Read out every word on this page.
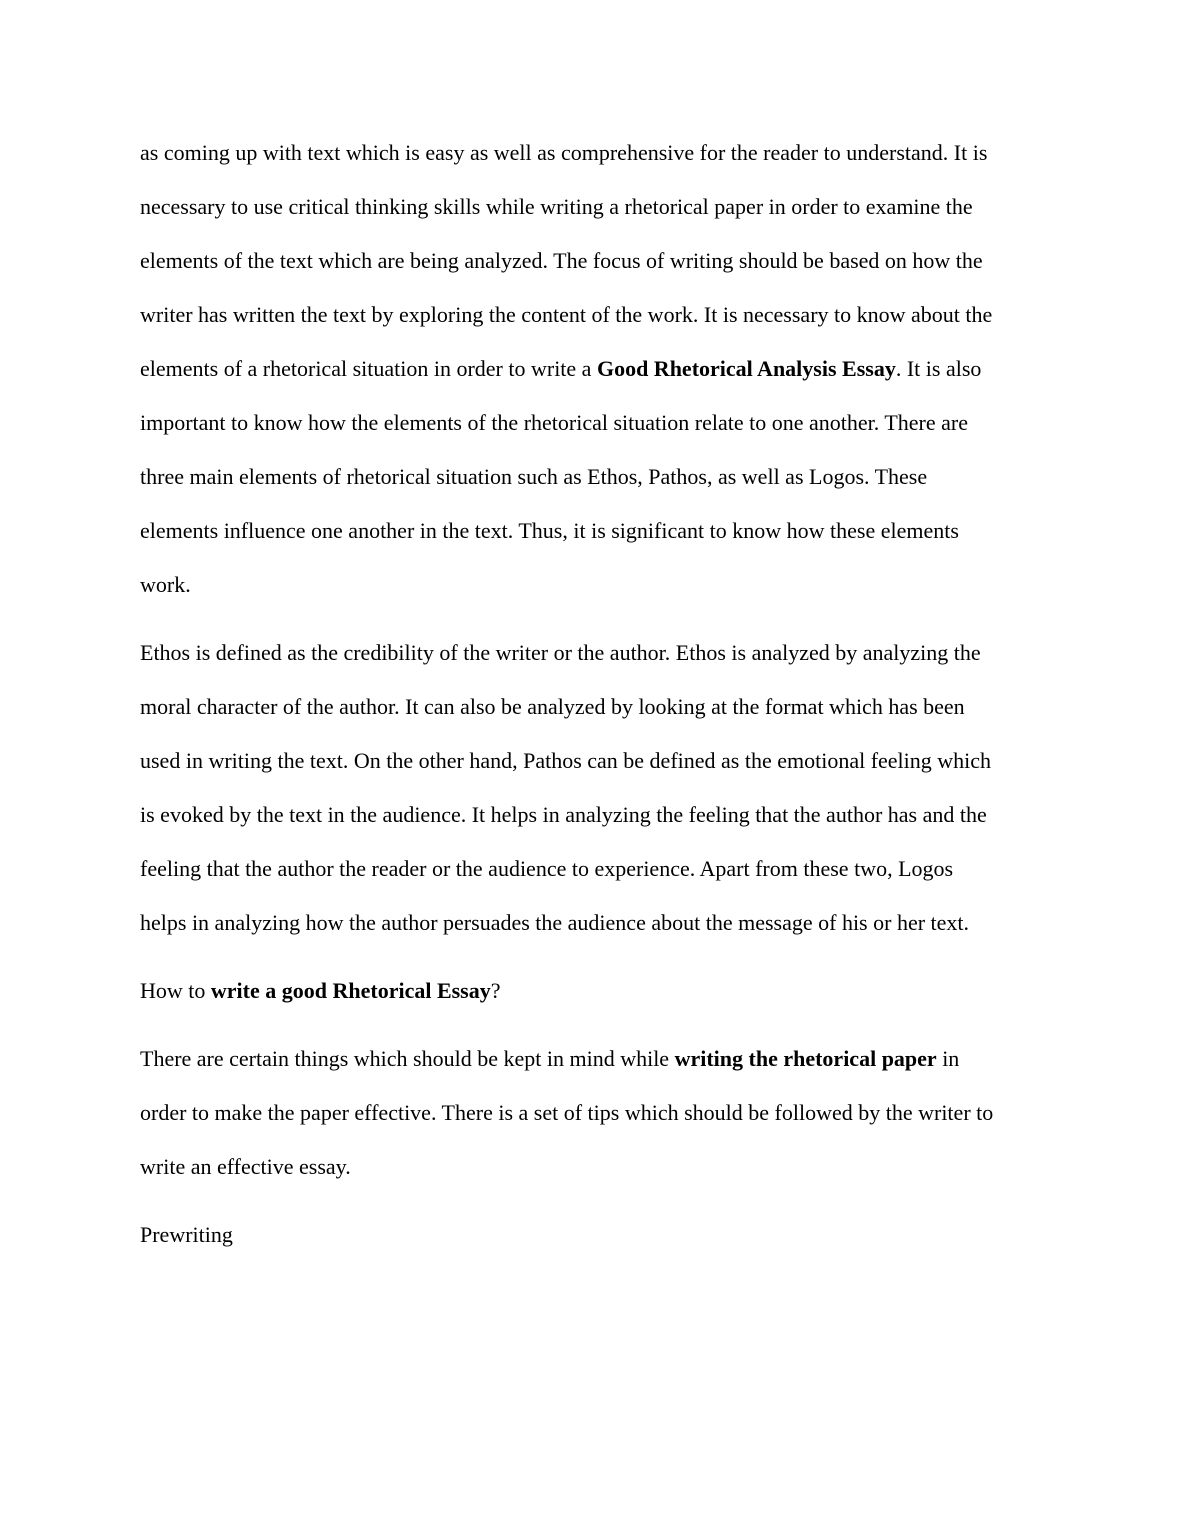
as coming up with text which is easy as well as comprehensive for the reader to understand. It is
necessary to use critical thinking skills while writing a rhetorical paper in order to examine the
elements of the text which are being analyzed. The focus of writing should be based on how the
writer has written the text by exploring the content of the work. It is necessary to know about the
elements of a rhetorical situation in order to write a Good Rhetorical Analysis Essay. It is also
important to know how the elements of the rhetorical situation relate to one another. There are
three main elements of rhetorical situation such as Ethos, Pathos, as well as Logos. These
elements influence one another in the text. Thus, it is significant to know how these elements
work.
Ethos is defined as the credibility of the writer or the author. Ethos is analyzed by analyzing the
moral character of the author. It can also be analyzed by looking at the format which has been
used in writing the text. On the other hand, Pathos can be defined as the emotional feeling which
is evoked by the text in the audience. It helps in analyzing the feeling that the author has and the
feeling that the author the reader or the audience to experience. Apart from these two, Logos
helps in analyzing how the author persuades the audience about the message of his or her text.
How to write a good Rhetorical Essay?
There are certain things which should be kept in mind while writing the rhetorical paper in
order to make the paper effective. There is a set of tips which should be followed by the writer to
write an effective essay.
Prewriting
